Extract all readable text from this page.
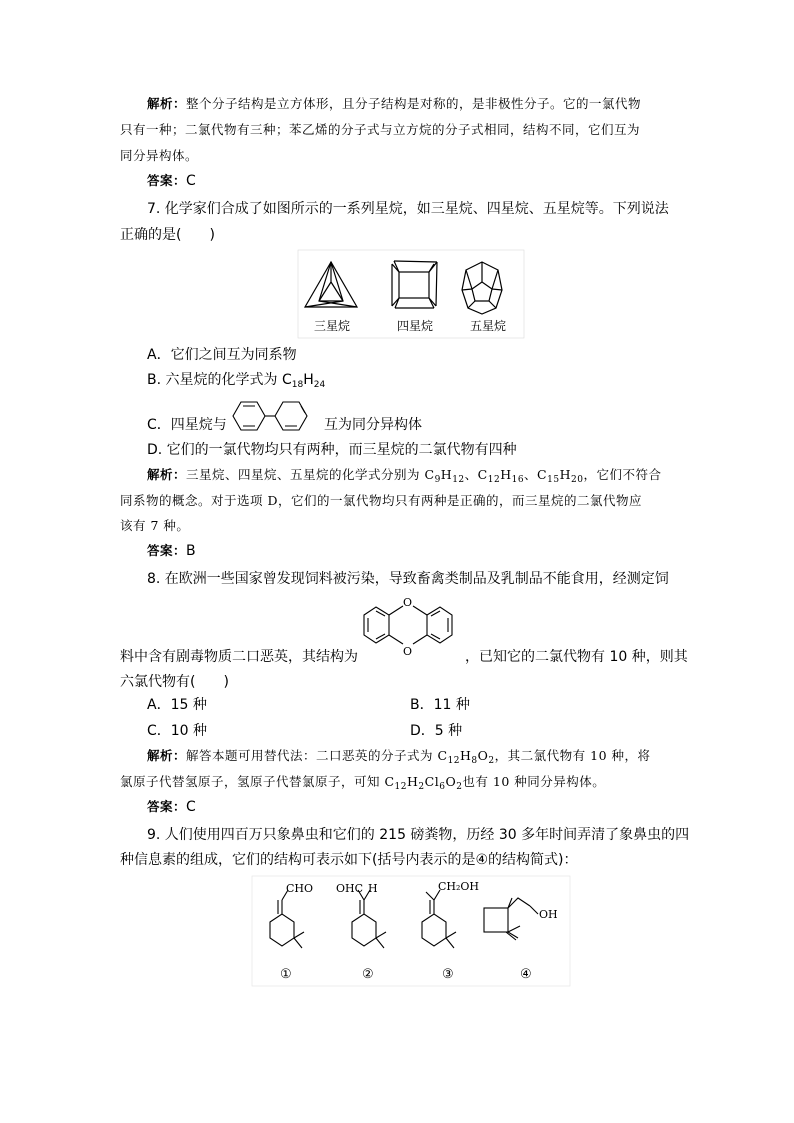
解析：整个分子结构是立方体形，且分子结构是对称的，是非极性分子。它的一氯代物
只有一种；二氯代物有三种；苯乙烯的分子式与立方烷的分子式相同，结构不同，它们互为
同分异构体。
答案：C
7. 化学家们合成了如图所示的一系列星烷，如三星烷、四星烷、五星烷等。下列说法
正确的是(　　)
三星烷	四星烷	五星烷
A．它们之间互为同系物
B. 六星烷的化学式为 $C_{18}H_{24}$
C．四星烷与	互为同分异构体
D. 它们的一氯代物均只有两种，而三星烷的二氯代物有四种
解析：三星烷、四星烷、五星烷的化学式分别为 $C_9H_{12}$、$C_{12}H_{16}$、$C_{15}H_{20}$，它们不符合
同系物的概念。对于选项 D，它们的一氯代物均只有两种是正确的，而三星烷的二氯代物应
该有 7 种。
答案：B
8. 在欧洲一些国家曾发现饲料被污染，导致畜禽类制品及乳制品不能食用，经测定饲
O
O
料中含有剧毒物质二口恶英，其结构为	，已知它的二氯代物有 10 种，则其
六氯代物有(　　)
A．15 种	B．11 种
C．10 种	D．5 种
解析：解答本题可用替代法：二口恶英的分子式为 $C_{12}H_8O_2$，其二氯代物有 10 种，将
氯原子代替氢原子，氢原子代替氯原子，可知 $C_{12}H_2Cl_6O_2$也有 10 种同分异构体。
答案：C
9. 人们使用四百万只象鼻虫和它们的 215 磅粪物，历经 30 多年时间弄清了象鼻虫的四
种信息素的组成，它们的结构可表示如下(括号内表示的是④的结构简式)：
CHO
①
OHC H
②
CH₂OH
③
OH
④
